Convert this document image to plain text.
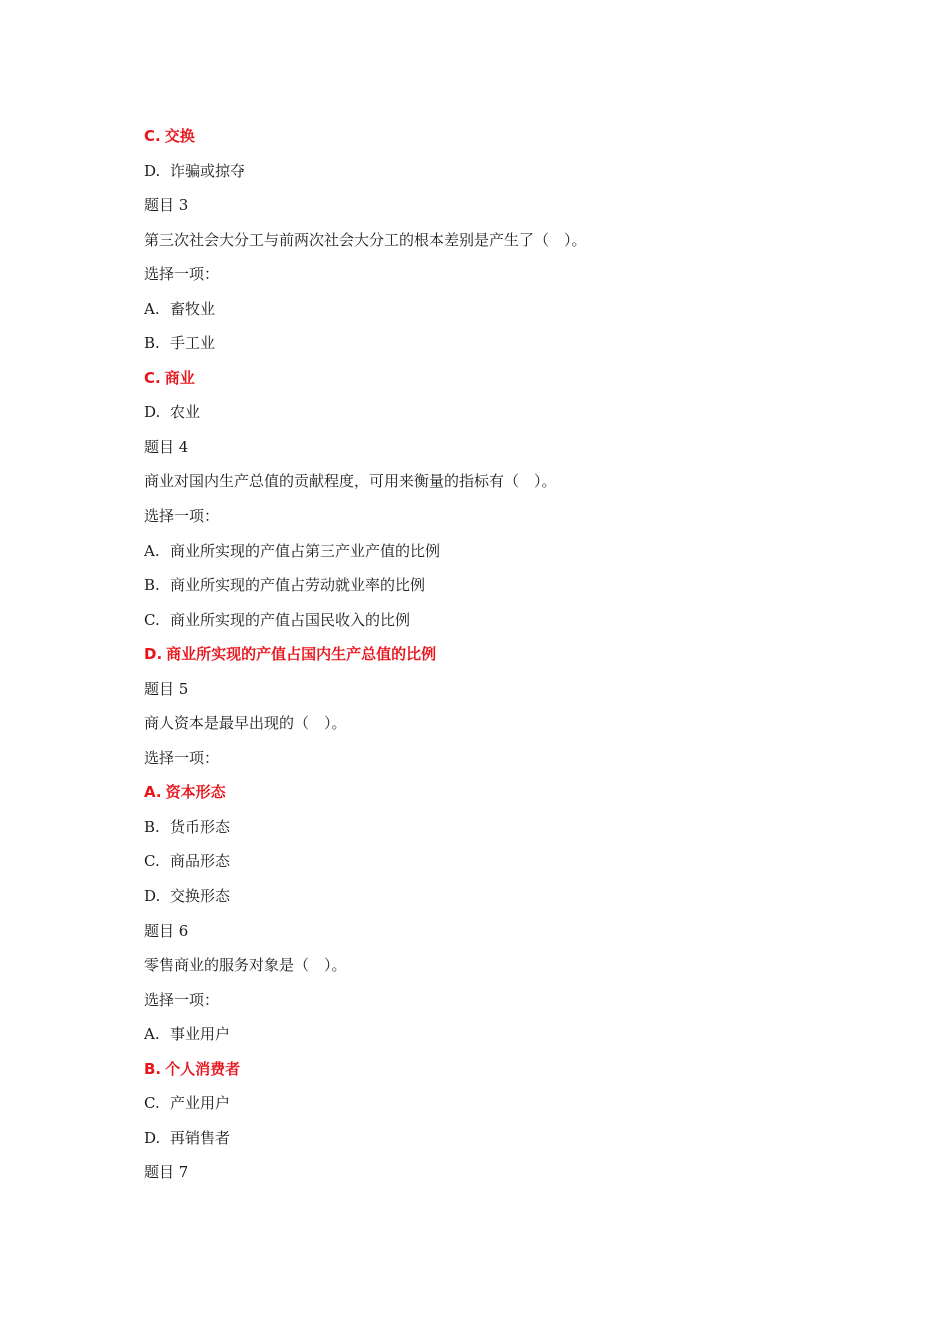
C. 交换
D. 诈骗或掠夺
题目 3
第三次社会大分工与前两次社会大分工的根本差别是产生了（　）。
选择一项：
A. 畜牧业
B. 手工业
C. 商业
D. 农业
题目 4
商业对国内生产总值的贡献程度，可用来衡量的指标有（　）。
选择一项：
A. 商业所实现的产值占第三产业产值的比例
B. 商业所实现的产值占劳动就业率的比例
C. 商业所实现的产值占国民收入的比例
D. 商业所实现的产值占国内生产总值的比例
题目 5
商人资本是最早出现的（　）。
选择一项：
A. 资本形态
B. 货币形态
C. 商品形态
D. 交换形态
题目 6
零售商业的服务对象是（　）。
选择一项：
A. 事业用户
B. 个人消费者
C. 产业用户
D. 再销售者
题目 7
